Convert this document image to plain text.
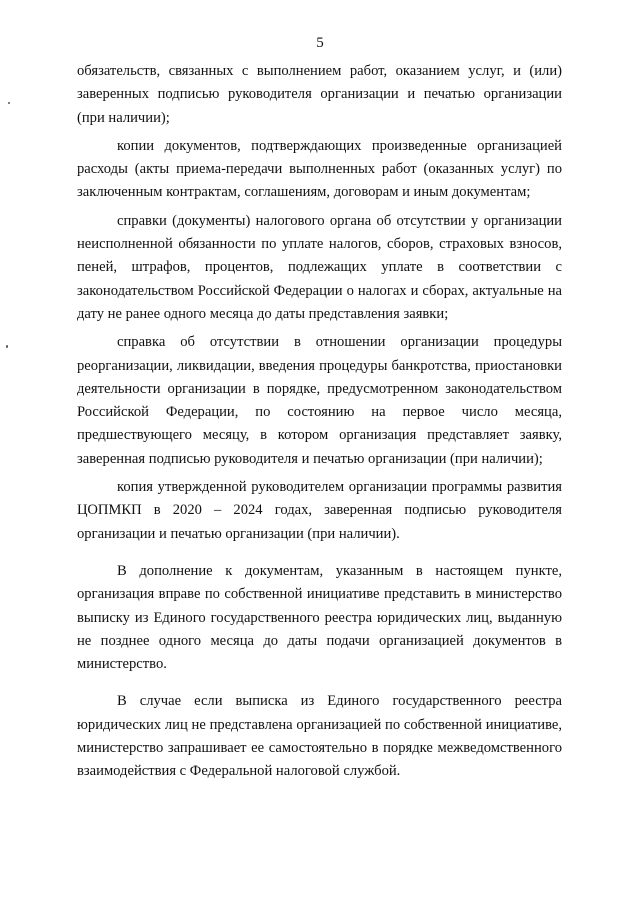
5

обязательств, связанных с выполнением работ, оказанием услуг, и (или) заверенных подписью руководителя организации и печатью организации (при наличии);

копии документов, подтверждающих произведенные организацией расходы (акты приема-передачи выполненных работ (оказанных услуг) по заключенным контрактам, соглашениям, договорам и иным документам;

справки (документы) налогового органа об отсутствии у организации неисполненной обязанности по уплате налогов, сборов, страховых взносов, пеней, штрафов, процентов, подлежащих уплате в соответствии с законодательством Российской Федерации о налогах и сборах, актуальные на дату не ранее одного месяца до даты представления заявки;

справка об отсутствии в отношении организации процедуры реорганизации, ликвидации, введения процедуры банкротства, приостановки деятельности организации в порядке, предусмотренном законодательством Российской Федерации, по состоянию на первое число месяца, предшествующего месяцу, в котором организация представляет заявку, заверенная подписью руководителя и печатью организации (при наличии);

копия утвержденной руководителем организации программы развития ЦОПМКП в 2020 – 2024 годах, заверенная подписью руководителя организации и печатью организации (при наличии).

В дополнение к документам, указанным в настоящем пункте, организация вправе по собственной инициативе представить в министерство выписку из Единого государственного реестра юридических лиц, выданную не позднее одного месяца до даты подачи организацией документов в министерство.

В случае если выписка из Единого государственного реестра юридических лиц не представлена организацией по собственной инициативе, министерство запрашивает ее самостоятельно в порядке межведомственного взаимодействия с Федеральной налоговой службой.
